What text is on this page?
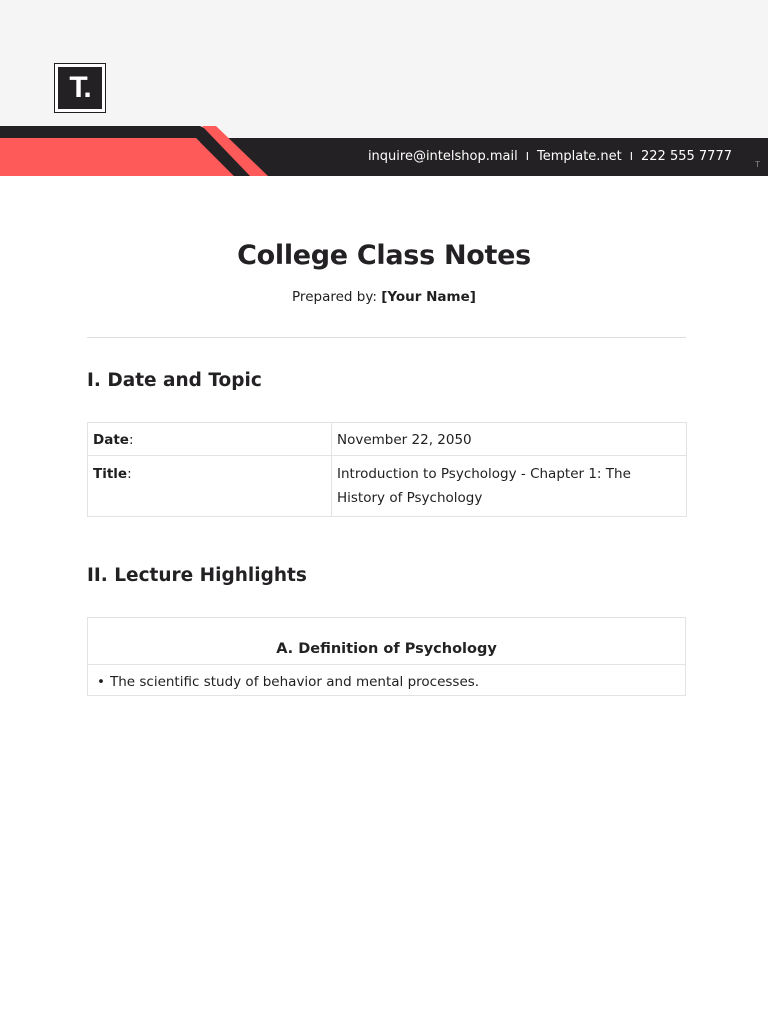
T.
inquire@intelshop.mail I Template.net I 222 555 7777
T
College Class Notes
Prepared by: [Your Name]
I. Date and Topic
Date:	November 22, 2050
Title:	Introduction to Psychology - Chapter 1: The History of Psychology
II. Lecture Highlights
A. Definition of Psychology
• The scientific study of behavior and mental processes.
